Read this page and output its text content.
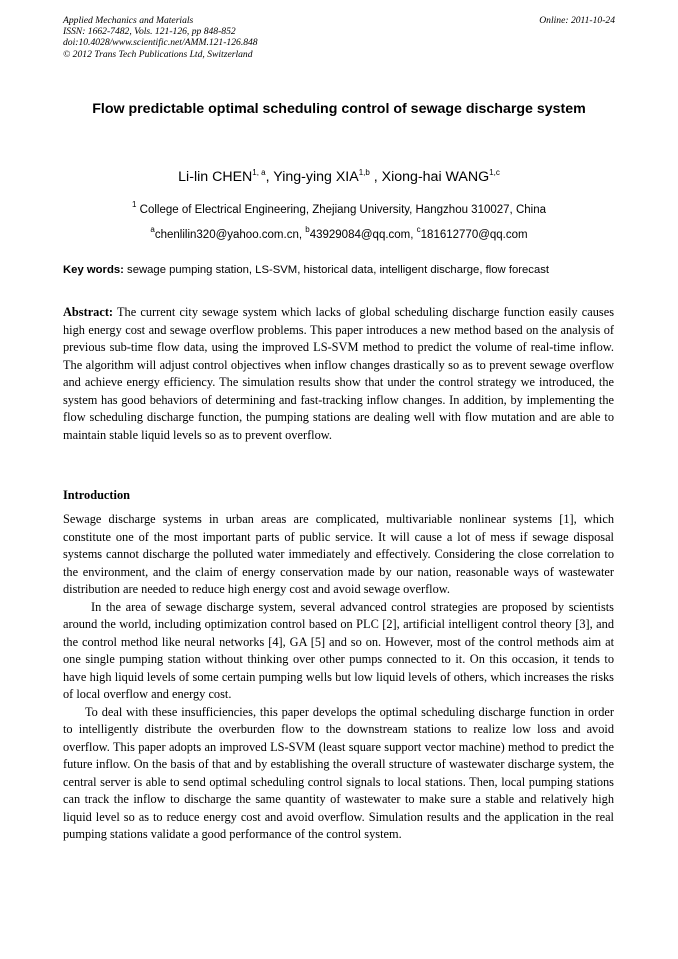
Applied Mechanics and Materials
ISSN: 1662-7482, Vols. 121-126, pp 848-852
doi:10.4028/www.scientific.net/AMM.121-126.848
© 2012 Trans Tech Publications Ltd, Switzerland
Online: 2011-10-24
Flow predictable optimal scheduling control of sewage discharge system
Li-lin CHEN$^{1, a}$, Ying-ying XIA$^{1,b}$ , Xiong-hai WANG$^{1,c}$
$^1$ College of Electrical Engineering, Zhejiang University, Hangzhou 310027, China
$^a$chenlilin320@yahoo.com.cn, $^b$43929084@qq.com, $^c$181612770@qq.com
Key words: sewage pumping station, LS-SVM, historical data, intelligent discharge, flow forecast
Abstract: The current city sewage system which lacks of global scheduling discharge function easily causes high energy cost and sewage overflow problems. This paper introduces a new method based on the analysis of previous sub-time flow data, using the improved LS-SVM method to predict the volume of real-time inflow. The algorithm will adjust control objectives when inflow changes drastically so as to prevent sewage overflow and achieve energy efficiency. The simulation results show that under the control strategy we introduced, the system has good behaviors of determining and fast-tracking inflow changes. In addition, by implementing the flow scheduling discharge function, the pumping stations are dealing well with flow mutation and are able to maintain stable liquid levels so as to prevent overflow.
Introduction

Sewage discharge systems in urban areas are complicated, multivariable nonlinear systems [1], which constitute one of the most important parts of public service. It will cause a lot of mess if sewage disposal systems cannot discharge the polluted water immediately and effectively. Considering the close correlation to the environment, and the claim of energy conservation made by our nation, reasonable ways of wastewater distribution are needed to reduce high energy cost and avoid sewage overflow.

In the area of sewage discharge system, several advanced control strategies are proposed by scientists around the world, including optimization control based on PLC [2], artificial intelligent control theory [3], and the control method like neural networks [4], GA [5] and so on. However, most of the control methods aim at one single pumping station without thinking over other pumps connected to it. On this occasion, it tends to have high liquid levels of some certain pumping wells but low liquid levels of others, which increases the risks of local overflow and energy cost.

To deal with these insufficiencies, this paper develops the optimal scheduling discharge function in order to intelligently distribute the overburden flow to the downstream stations to realize low loss and avoid overflow. This paper adopts an improved LS-SVM (least square support vector machine) method to predict the future inflow. On the basis of that and by establishing the overall structure of wastewater discharge system, the central server is able to send optimal scheduling control signals to local stations. Then, local pumping stations can track the inflow to discharge the same quantity of wastewater to make sure a stable and relatively high liquid level so as to reduce energy cost and avoid overflow. Simulation results and the application in the real pumping stations validate a good performance of the control system.
